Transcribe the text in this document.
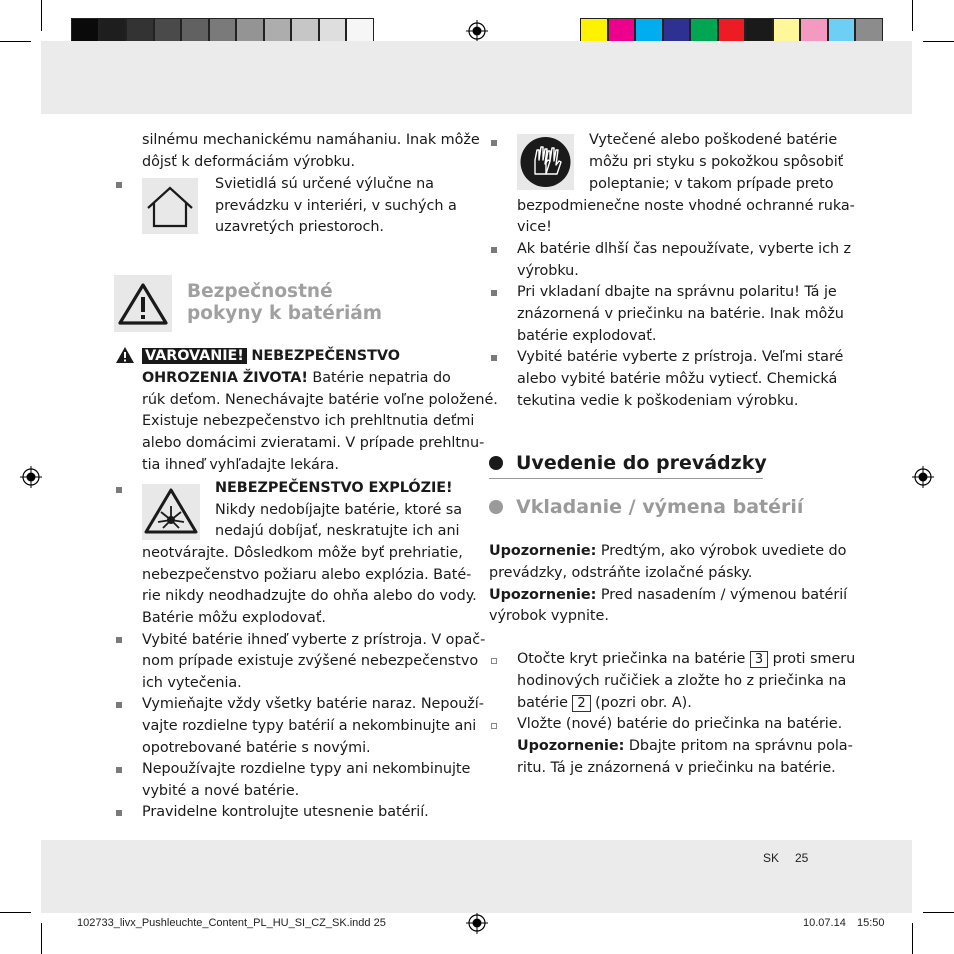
silnému mechanickému namáhaniu. Inak môže
dôjsť k deformáciám výrobku.
Svietidlá sú určené výlučne na
prevádzku v interiéri, v suchých a
uzavretých priestoroch.
Bezpečnostné
pokyny k batériám
VAROVANIE! NEBEZPEČENSTVO
OHROZENIA ŽIVOTA! Batérie nepatria do
rúk deťom. Nenechávajte batérie voľne položené.
Existuje nebezpečenstvo ich prehltnutia deťmi
alebo domácimi zvieratami. V prípade prehltnu-
tia ihneď vyhľadajte lekára.
NEBEZPEČENSTVO EXPLÓZIE!
Nikdy nedobíjajte batérie, ktoré sa
nedajú dobíjať, neskratujte ich ani
neotvárajte. Dôsledkom môže byť prehriatie,
nebezpečenstvo požiaru alebo explózia. Baté-
rie nikdy neodhadzujte do ohňa alebo do vody.
Batérie môžu explodovať.
Vybité batérie ihneď vyberte z prístroja. V opač-
nom prípade existuje zvýšené nebezpečenstvo
ich vytečenia.
Vymieňajte vždy všetky batérie naraz. Nepouží-
vajte rozdielne typy batérií a nekombinujte ani
opotrebované batérie s novými.
Nepoužívajte rozdielne typy ani nekombinujte
vybité a nové batérie.
Pravidelne kontrolujte utesnenie batérií.
Vytečené alebo poškodené batérie
môžu pri styku s pokožkou spôsobiť
poleptanie; v takom prípade preto
bezpodmienečne noste vhodné ochranné ruka-
vice!
Ak batérie dlhší čas nepoužívate, vyberte ich z
výrobku.
Pri vkladaní dbajte na správnu polaritu! Tá je
znázornená v priečinku na batérie. Inak môžu
batérie explodovať.
Vybité batérie vyberte z prístroja. Veľmi staré
alebo vybité batérie môžu vytiecť. Chemická
tekutina vedie k poškodeniam výrobku.
Uvedenie do prevádzky
Vkladanie / výmena batérií
Upozornenie: Predtým, ako výrobok uvediete do
prevádzky, odstráňte izolačné pásky.
Upozornenie: Pred nasadením / výmenou batérií
výrobok vypnite.
Otočte kryt priečinka na batérie 3 proti smeru
hodinových ručičiek a zložte ho z priečinka na
batérie 2 (pozri obr. A).
Vložte (nové) batérie do priečinka na batérie.
Upozornenie: Dbajte pritom na správnu pola-
ritu. Tá je znázornená v priečinku na batérie.
SK 25
102733_livx_Pushleuchte_Content_PL_HU_SI_CZ_SK.indd 25	10.07.14 15:50
